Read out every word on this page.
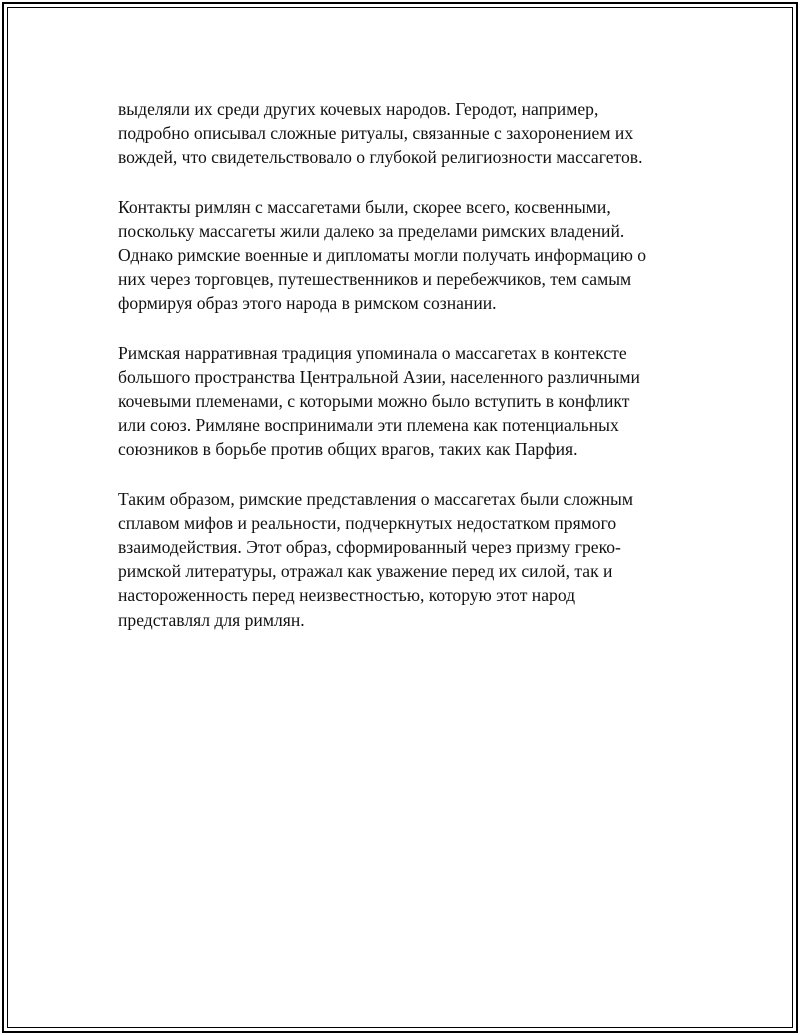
выделяли их среди других кочевых народов. Геродот, например,
подробно описывал сложные ритуалы, связанные с захоронением их
вождей, что свидетельствовало о глубокой религиозности массагетов.

Контакты римлян с массагетами были, скорее всего, косвенными,
поскольку массагеты жили далеко за пределами римских владений.
Однако римские военные и дипломаты могли получать информацию о
них через торговцев, путешественников и перебежчиков, тем самым
формируя образ этого народа в римском сознании.

Римская нарративная традиция упоминала о массагетах в контексте
большого пространства Центральной Азии, населенного различными
кочевыми племенами, с которыми можно было вступить в конфликт
или союз. Римляне воспринимали эти племена как потенциальных
союзников в борьбе против общих врагов, таких как Парфия.

Таким образом, римские представления о массагетах были сложным
сплавом мифов и реальности, подчеркнутых недостатком прямого
взаимодействия. Этот образ, сформированный через призму греко-
римской литературы, отражал как уважение перед их силой, так и
настороженность перед неизвестностью, которую этот народ
представлял для римлян.
